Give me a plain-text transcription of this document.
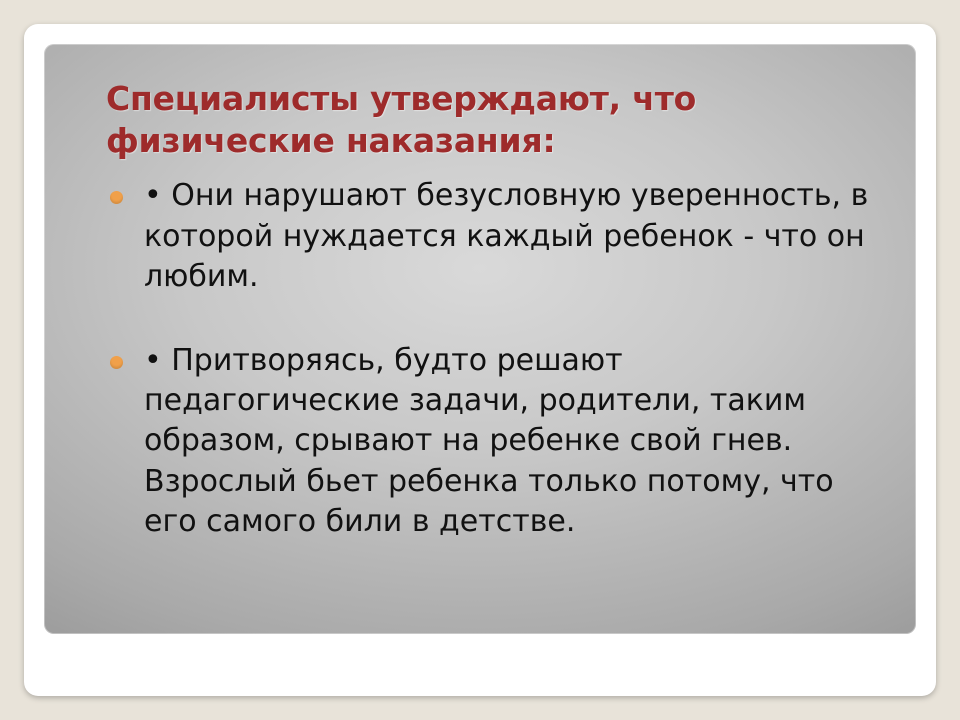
Специалисты утверждают, что физические наказания:
• Они нарушают безусловную уверенность, в которой нуждается каждый ребенок - что он любим.
• Притворяясь, будто решают педагогические задачи, родители, таким образом, срывают на ребенке свой гнев. Взрослый бьет ребенка только потому, что его самого били в детстве.
